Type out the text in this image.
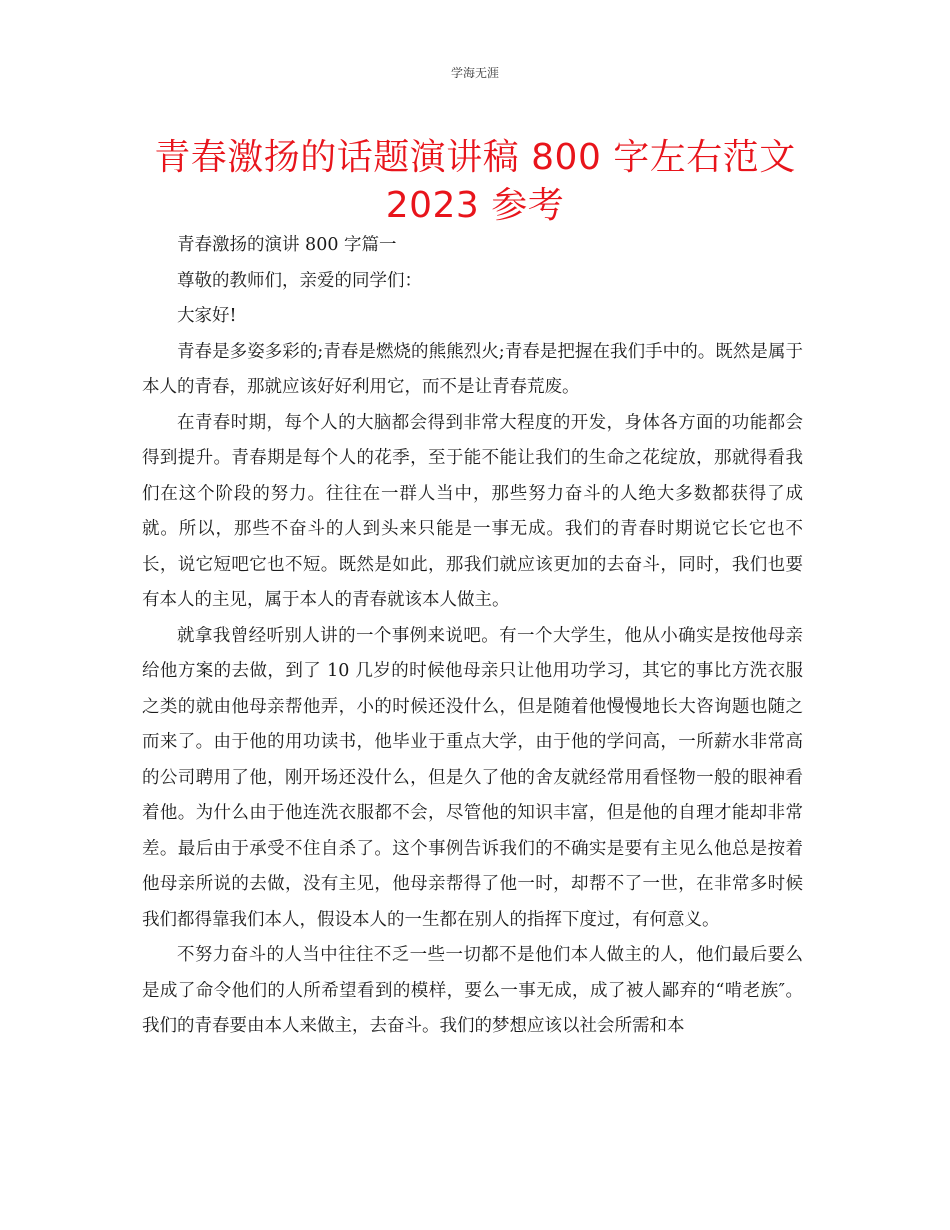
学海无涯
青春激扬的话题演讲稿 800 字左右范文
2023 参考

青春激扬的演讲 800 字篇一

尊敬的教师们，亲爱的同学们：

大家好!

青春是多姿多彩的;青春是燃烧的熊熊烈火;青春是把握在我们手中的。既然是属于本人的青春，那就应该好好利用它，而不是让青春荒废。

在青春时期，每个人的大脑都会得到非常大程度的开发，身体各方面的功能都会得到提升。青春期是每个人的花季，至于能不能让我们的生命之花绽放，那就得看我们在这个阶段的努力。往往在一群人当中，那些努力奋斗的人绝大多数都获得了成就。所以，那些不奋斗的人到头来只能是一事无成。我们的青春时期说它长它也不长，说它短吧它也不短。既然是如此，那我们就应该更加的去奋斗，同时，我们也要有本人的主见，属于本人的青春就该本人做主。

就拿我曾经听别人讲的一个事例来说吧。有一个大学生，他从小确实是按他母亲给他方案的去做，到了 10 几岁的时候他母亲只让他用功学习，其它的事比方洗衣服之类的就由他母亲帮他弄，小的时候还没什么，但是随着他慢慢地长大咨询题也随之而来了。由于他的用功读书，他毕业于重点大学，由于他的学问高，一所薪水非常高的公司聘用了他，刚开场还没什么，但是久了他的舍友就经常用看怪物一般的眼神看着他。为什么由于他连洗衣服都不会，尽管他的知识丰富，但是他的自理才能却非常差。最后由于承受不住自杀了。这个事例告诉我们的不确实是要有主见么他总是按着他母亲所说的去做，没有主见，他母亲帮得了他一时，却帮不了一世，在非常多时候我们都得靠我们本人，假设本人的一生都在别人的指挥下度过，有何意义。

不努力奋斗的人当中往往不乏一些一切都不是他们本人做主的人，他们最后要么是成了命令他们的人所希望看到的模样，要么一事无成，成了被人鄙弃的“啃老族″。我们的青春要由本人来做主，去奋斗。我们的梦想应该以社会所需和本
